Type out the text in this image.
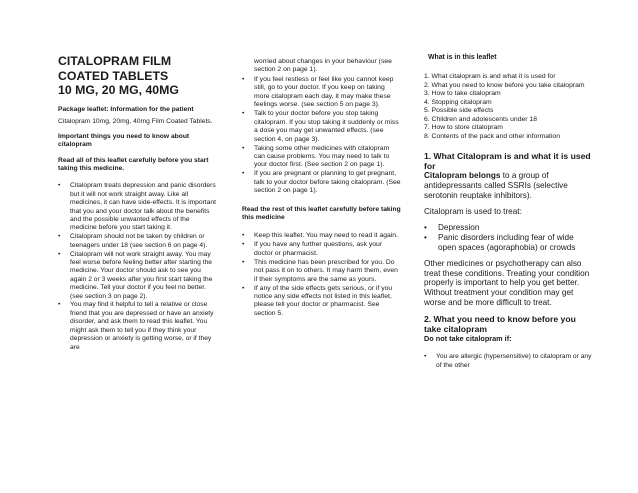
CITALOPRAM FILM
COATED TABLETS
10 MG, 20 MG, 40MG
Package leaflet: Information for the patient
Citalopram 10mg, 20mg, 40mg Film Coated Tablets.
Important things you need to know about citalopram
Read all of this leaflet carefully before you start taking this medicine.
• Citalopram treats depression and panic disorders but it will not work straight away. Like all medicines, it can have side-effects. It is important that you and your doctor talk about the benefits and the possible unwanted effects of the medicine before you start taking it.
• Citalopram should not be taken by children or teenagers under 18 (see section 6 on page 4).
• Citalopram will not work straight away. You may feel worse before feeling better after starting the medicine. Your doctor should ask to see you again 2 or 3 weeks after you first start taking the medicine. Tell your doctor if you feel no better. (see section 3 on page 2).
• You may find it helpful to tell a relative or close friend that you are depressed or have an anxiety disorder, and ask them to read this leaflet. You might ask them to tell you if they think your depression or anxiety is getting worse, or if they are
worried about changes in your behaviour (see section 2 on page 1).
• If you feel restless or feel like you cannot keep still, go to your doctor. If you keep on taking more citalopram each day, it may make these feelings worse. (see section 5 on page 3).
• Talk to your doctor before you stop taking citalopram. If you stop taking it suddenly or miss a dose you may get unwanted effects. (see section 4, on page 3).
• Taking some other medicines with citalopram can cause problems. You may need to talk to your doctor first. (See section 2 on page 1).
• If you are pregnant or planning to get pregnant, talk to your doctor before taking citalopram. (See section 2 on page 1).
Read the rest of this leaflet carefully before taking this medicine
• Keep this leaflet. You may need to read it again.
• If you have any further questions, ask your doctor or pharmacist.
• This medicine has been prescribed for you. Do not pass it on to others. It may harm them, even if their symptoms are the same as yours.
• If any of the side effects gets serious, or if you notice any side effects not listed in this leaflet, please tell your doctor or pharmacist. See section 5.
What is in this leaflet
1. What citalopram is and what it is used for
2. What you need to know before you take citalopram
3. How to take citalopram
4. Stopping citalopram
5. Possible side effects
6. Children and adolescents under 18
7. How to store citalopram
8. Contents of the pack and other information
1. What Citalopram is and what it is used for
Citalopram belongs to a group of antidepressants called SSRIs (selective serotonin reuptake inhibitors).
Citalopram is used to treat:
• Depression
• Panic disorders including fear of wide open spaces (agoraphobia) or crowds
Other medicines or psychotherapy can also treat these conditions. Treating your condition properly is important to help you get better. Without treatment your condition may get worse and be more difficult to treat.
2. What you need to know before you take citalopram
Do not take citalopram if:
• You are allergic (hypersensitive) to citalopram or any of the other
